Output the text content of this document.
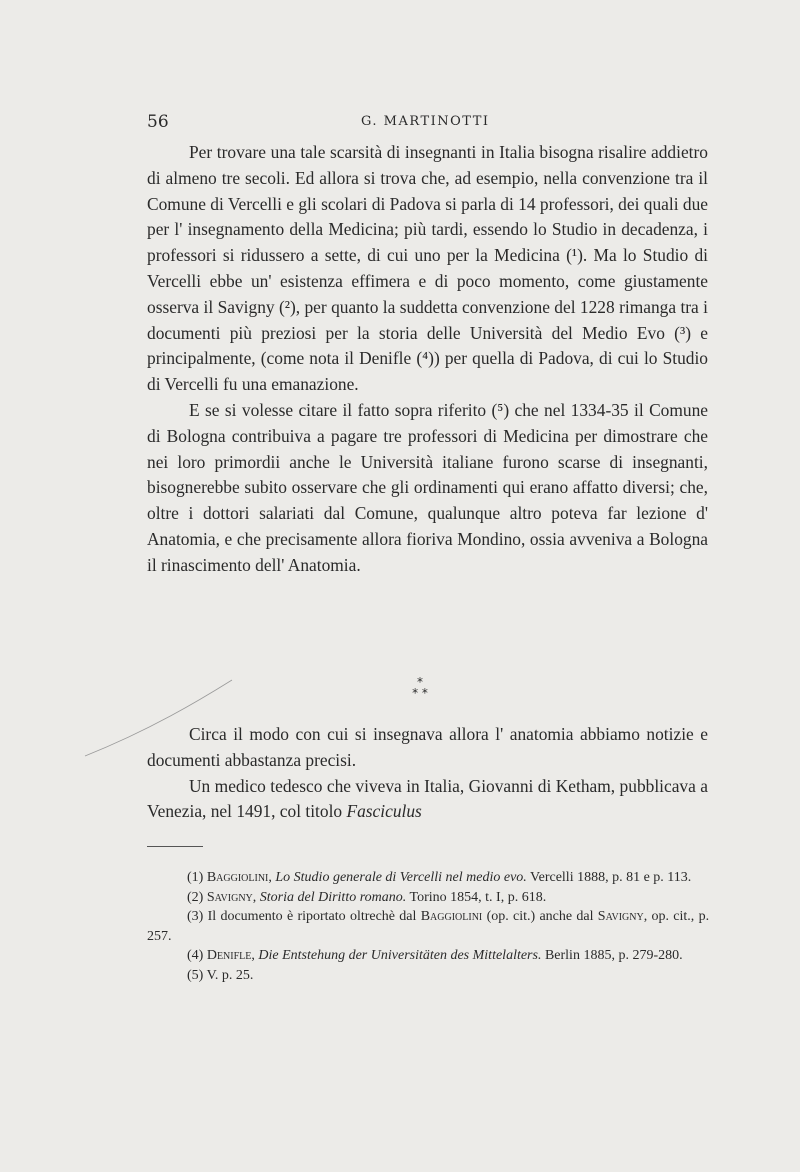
56	G. MARTINOTTI

Per trovare una tale scarsità di insegnanti in Italia bisogna risalire addietro di almeno tre secoli. Ed allora si trova che, ad esempio, nella convenzione tra il Comune di Vercelli e gli scolari di Padova si parla di 14 professori, dei quali due per l' insegnamento della Medicina; più tardi, essendo lo Studio in decadenza, i professori si ridussero a sette, di cui uno per la Medicina (¹). Ma lo Studio di Vercelli ebbe un' esistenza effimera e di poco momento, come giustamente osserva il Savigny (²), per quanto la suddetta convenzione del 1228 rimanga tra i documenti più preziosi per la storia delle Università del Medio Evo (³) e principalmente, (come nota il Denifle (⁴)) per quella di Padova, di cui lo Studio di Vercelli fu una emanazione.

E se si volesse citare il fatto sopra riferito (⁵) che nel 1334-35 il Comune di Bologna contribuiva a pagare tre professori di Medicina per dimostrare che nei loro primordii anche le Università italiane furono scarse di insegnanti, bisognerebbe subito osservare che gli ordinamenti qui erano affatto diversi; che, oltre i dottori salariati dal Comune, qualunque altro poteva far lezione d' Anatomia, e che precisamente allora fioriva Mondino, ossia avveniva a Bologna il rinascimento dell' Anatomia.

*
* *

Circa il modo con cui si insegnava allora l' anatomia abbiamo notizie e documenti abbastanza precisi.

Un medico tedesco che viveva in Italia, Giovanni di Ketham, pubblicava a Venezia, nel 1491, col titolo Fasciculus

(1) Baggiolini, Lo Studio generale di Vercelli nel medio evo. Vercelli 1888, p. 81 e p. 113.

(2) Savigny, Storia del Diritto romano. Torino 1854, t. I, p. 618.

(3) Il documento è riportato oltrechè dal Baggiolini (op. cit.) anche dal Savigny, op. cit., p. 257.

(4) Denifle, Die Entstehung der Universitäten des Mittelalters. Berlin 1885, p. 279-280.

(5) V. p. 25.
